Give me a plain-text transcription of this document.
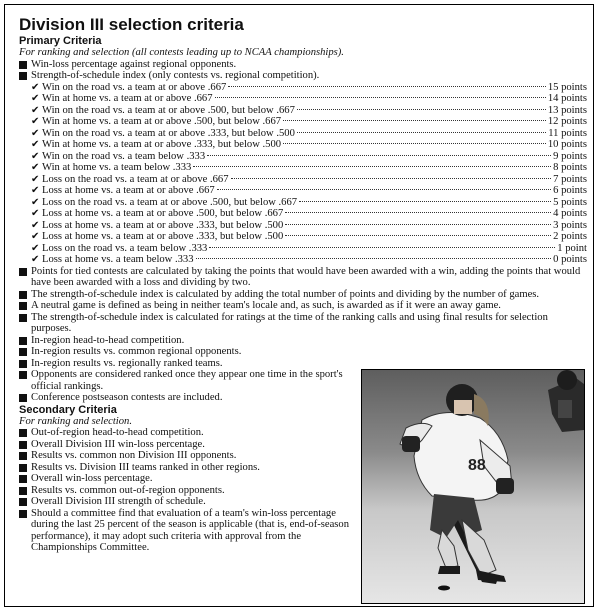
Division III selection criteria
Primary Criteria
For ranking and selection (all contests leading up to NCAA championships).
Win-loss percentage against regional opponents.
Strength-of-schedule index (only contests vs. regional competition).
✔ Win on the road vs. a team at or above .667	15 points
✔ Win at home vs. a team at or above .667	14 points
✔ Win on the road vs. a team at or above .500, but below .667	13 points
✔ Win at home vs. a team at or above .500, but below .667	12 points
✔ Win on the road vs. a team at or above .333, but below .500	11 points
✔ Win at home vs. a team at or above .333, but below .500	10 points
✔ Win on the road vs. a team below .333	9 points
✔ Win at home vs. a team below .333	8 points
✔ Loss on the road vs. a team at or above .667	7 points
✔ Loss at home vs. a team at or above .667	6 points
✔ Loss on the road vs. a team at or above .500, but below .667	5 points
✔ Loss at home vs. a team at or above .500, but below .667	4 points
✔ Loss at home vs. a team at or above .333, but below .500	3 points
✔ Loss at home vs. a team at or above .333, but below .500	2 points
✔ Loss on the road vs. a team below .333	1 point
✔ Loss at home vs. a team below .333	0 points
Points for tied contests are calculated by taking the points that would have been awarded with a win, adding the points that would have been awarded with a loss and dividing by two.
The strength-of-schedule index is calculated by adding the total number of points and dividing by the number of games.
A neutral game is defined as being in neither team's locale and, as such, is awarded as if it were an away game.
The strength-of-schedule index is calculated for ratings at the time of the ranking calls and using final results for selection purposes.
In-region head-to-head competition.
In-region results vs. common regional opponents.
In-region results vs. regionally ranked teams.
Opponents are considered ranked once they appear one time in the sport's official rankings.
Conference postseason contests are included.
Secondary Criteria
For ranking and selection.
Out-of-region head-to-head competition.
Overall Division III win-loss percentage.
Results vs. common non Division III opponents.
Results vs. Division III teams ranked in other regions.
Overall win-loss percentage.
Results vs. common out-of-region opponents.
Overall Division III strength of schedule.
Should a committee find that evaluation of a team's win-loss percentage during the last 25 percent of the season is applicable (that is, end-of-season performance), it may adopt such criteria with approval from the Championships Committee.
88
